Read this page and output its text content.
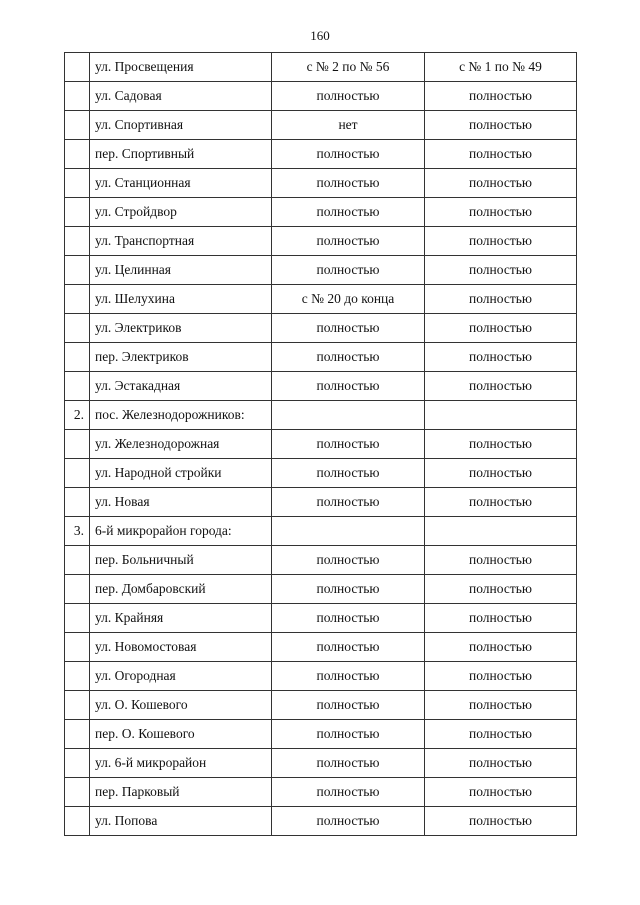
160
	ул. Просвещения	с № 2 по № 56	с № 1 по № 49
	ул. Садовая	полностью	полностью
	ул. Спортивная	нет	полностью
	пер. Спортивный	полностью	полностью
	ул. Станционная	полностью	полностью
	ул. Стройдвор	полностью	полностью
	ул. Транспортная	полностью	полностью
	ул. Целинная	полностью	полностью
	ул. Шелухина	с № 20 до конца	полностью
	ул. Электриков	полностью	полностью
	пер. Электриков	полностью	полностью
	ул. Эстакадная	полностью	полностью
2.	пос. Железнодорожников:		
	ул. Железнодорожная	полностью	полностью
	ул. Народной стройки	полностью	полностью
	ул. Новая	полностью	полностью
3.	6-й микрорайон города:		
	пер. Больничный	полностью	полностью
	пер. Домбаровский	полностью	полностью
	ул. Крайняя	полностью	полностью
	ул. Новомостовая	полностью	полностью
	ул. Огородная	полностью	полностью
	ул. О. Кошевого	полностью	полностью
	пер. О. Кошевого	полностью	полностью
	ул. 6-й микрорайон	полностью	полностью
	пер. Парковый	полностью	полностью
	ул. Попова	полностью	полностью
